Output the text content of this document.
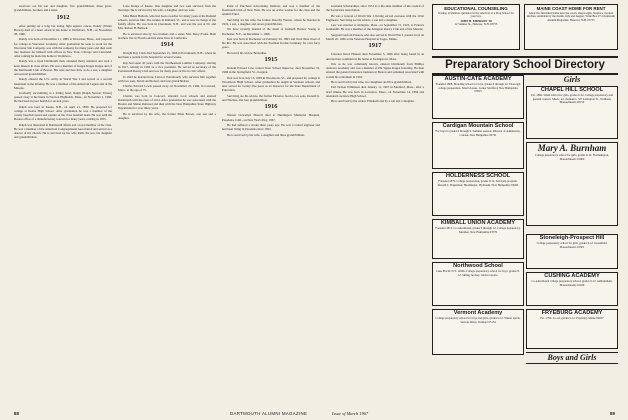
survivors are his son and daughter, five grandchildren, three great-grandchildren, brothers and a sister.

1912

After putting up a long but losing fight against cancer, Randy (Walter Brown) died of a heart attack in his home at Wolfeboro, N.H., on November 28, 1966.

Randy was born on December 11, 1889 at Worcester, Mass., and prepared for college at Worcester Academy. After graduation he went to work for the Worcester Salt Company, was with the company for many years and then went into business for himself with offices in New York, Chicago and Cleveland. After retiring he made his home in Wolfeboro.

Randy was a loyal Dartmouth man, attended many reunions and took a keen interest in class affairs. He was a member of Kappa Kappa Kappa and of the Dartmouth Club of Boston. His wife survives him, as do a son, a daughter and several grandchildren.

Randy entered the U.S. Army in World War I and served as a second lieutenant in the infantry. He was a member of the American Legion and of the Masons.

Gradually succumbing to a failing heart, Ralph (Ralph Stewart Turner) passed away at his home in Newton Highlands, Mass., on November 1, 1966. He had been in poor health for several years.

Ralph was born in Keene, N.H., on April 21, 1890. He prepared for college at Keene High School. After graduation he was a member of the varsity baseball squad and captain of the class baseball team. He was with the Boston office of a manufacturing concern for many years, retiring in 1955.

Ralph was interested in Dartmouth affairs and a loyal member of the class. He was a member of the American Congregational Association and served as a deacon of his church. He is survived by his wife Ruth, his son, his daughter and grandchildren.

Lotte Dodge of Keene. One daughter and two sons survived from the marriage. He is survived by his wife, a daughter and two sons.

Miss Helen Bullock, who had been a teacher for many years at the Rutland schools, survives him. She resides in Rutland, Vt., and is now in charge of the family affairs. He was born in Claremont, N.H., and was the son of Dr. and Mrs. Robert H. Bullock.

He is survived also by two brothers and a sister, Mrs. Mary Evans. Both brothers live in Florida and his sister lives in California.

1914

Dwight Ray Clark died September 15, 1966 in Portsmouth, N.H., where he had been a patient in the hospital for several weeks.

Ray had spent 45 years with the Northeastern Lumber Company, starting in 1917, retiring in 1962 as a vice president. He served as secretary of the Portsmouth Rotary Club and was for many years active in civic affairs.

In 1923 he married Ione Laird of Portsmouth, who survives him together with two sons, David and Robert, and four grandchildren.

Charles Edward Lewis passed away on November 25, 1966, in Concord, Mass., at the age of 75.

Charles was born in Concord, attended local schools and entered Dartmouth with the class of 1914. After graduation he was associated with the Boston and Maine Railroad and then with the New Hampshire State Highway Department for over thirty years.

He is survived by his wife, the former Ethel Brown, one son and a daughter.

Point of Purchase Advertising Institute, and was a member of the Dartmouth Club of New York. He was an active worker for the class and the Alumni Fund.

Surviving are his wife, the former Dorothy Warren, whom he married in 1919, a son, a daughter and seven grandchildren.

We have recently learned of the death of Kenneth Harlow Young at Rochester, N.Y., on December 1, 1966.

Ken was born in Rochester on February 20, 1893 and lived there most of his life. He was associated with the Eastman Kodak Company for over forty years.

He leaves his widow Bernadine.

1915

Donald Edward Law, retired State School inspector, died November 19, 1966 in the Springfield, Vt., hospital.

Don was born July 15, 1893 in Woodstock, Vt., and prepared for college at Woodstock High School. After graduation he taught in Vermont schools and later served for twenty-five years as an inspector for the State Department of Education.

Surviving are his widow, the former Florence Jacobs, two sons, Donald Jr. and Thomas, and four grandchildren.

1916

Warren Llewellyn Howell died at Huntington Memorial Hospital, Pasadena, Calif., on New Year's Day, 1967.

He had suffered a stroke three years ago. He was a retired engineer and had been living in Pasadena since 1952.

He is survived by his wife, a daughter and three grandchildren.

sessional Scholarships, since 1951 as a life-time member of the council of the Secretaries Association.

He was a veteran of World War I, having served overseas with the 101st Engineers. Surviving are his widow, a son and a daughter.

Lew was married at Abington, Mass., on September 15, 1923, to Frances Goldsmith. He was a member of the Abington Rotary Club and of the Masons.

Sergeant Gerford Preston, who also served in World War I, passed away on March 20, 1966 at the Veterans Hospital in Togus, Maine.

1917

Clarence Knox Hanson died November 5, 1966 after being found in an unconscious condition in his home at Swampscott, Mass.

Jim, as he was commonly known, entered Dartmouth from Phillips Andover Academy and was a member of Phi Sigma Kappa fraternity. He then entered the general insurance business in Boston and remained associated with it until his retirement in 1962.

He is survived by his wife, two daughters and five grandchildren.

Earl Nelson Wilkinson died January 11, 1967 in Medford, Mass., after a brief illness. He was born in Lawrence, Mass., on November 14, 1894 and attended Lawrence High School.

He is survived by his widow Elizabeth and by a son and a daughter.

EDUCATIONAL COUNSELING
Testing, evaluation, guidance in the selection of a Prep School for your boy.
JOHN H. EMERSON '38
12 Sumner St., Hanover, N.H. 03755
MAINE COAST HOME FOR RENT
Attractive furnished home near the ocean, sleeps eight, fireplace, modern kitchen. Available by the month, July and August. Write Box 27, Dartmouth Alumni Magazine, Hanover, N.H. 03755
Preparatory School Directory
Girls
Boys and Girls
AUSTIN-CATE ACADEMY
Founded 1808. Boarding school for boys, grades 9 through 12. Thorough college preparation. Small classes. Center Strafford, New Hampshire 03815
Cardigan Mountain School
For boys in grades 6 through 9. Summer session. Director of Admissions, Canaan, New Hampshire 03741
HOLDERNESS SCHOOL
Founded 1879. College preparation, grades 9-12. Self-help program. Donald C. Hagerman, Headmaster, Plymouth, New Hampshire 03264
KIMBALL UNION ACADEMY
Founded 1813. Co-educational, grades 9 through 12. College preparatory. Meriden, New Hampshire 03770
Northwood School
Lake Placid, N.Y. 12946. College preparatory school for boys, grades 8-12. Skiing, hockey, outdoor sports.
Vermont Academy
College preparatory school for boys and girls, grades 9-12. Winter sports. Saxtons River, Vermont 05154
CHAPEL HILL SCHOOL
Est. 1860. Small school for girls, grades 9-12. College preparatory and general courses. Music, art, dramatics. 327 Lexington St., Waltham, Massachusetts 02154
Mary A. Burnham
College preparatory school for girls, grades 9-12. Northampton, Massachusetts 01060
Stoneleigh-Prospect Hill
College preparatory school for girls, grades 9-12. Greenfield, Massachusetts 01301
CUSHING ACADEMY
Co-educational college preparatory school, grades 9-12. Ashburnham, Massachusetts 01430
FRYEBURG ACADEMY
Est. 1792. Co-ed, grades 9-12. Fryeburg, Maine 04037
88	DARTMOUTH ALUMNI MAGAZINE	Issue of March 1967	89
